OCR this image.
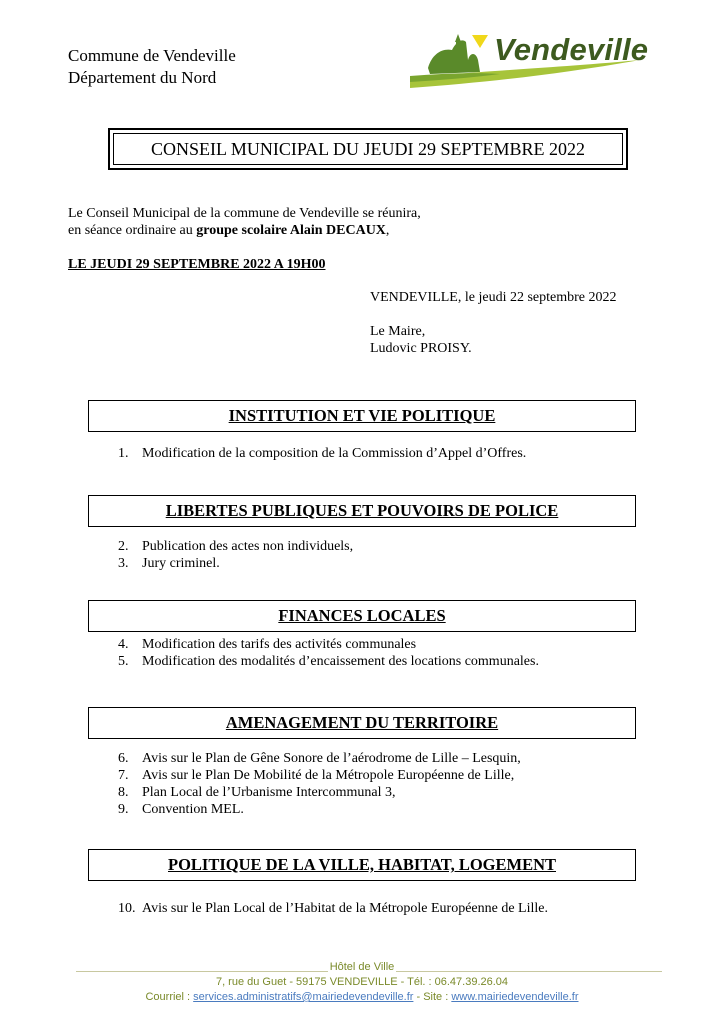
Commune de Vendeville
Département du Nord
Vendeville
CONSEIL MUNICIPAL DU JEUDI 29 SEPTEMBRE 2022
Le Conseil Municipal de la commune de Vendeville se réunira,
en séance ordinaire au groupe scolaire Alain DECAUX,
LE JEUDI 29 SEPTEMBRE 2022 A 19H00
VENDEVILLE, le jeudi 22 septembre 2022
Le Maire,
Ludovic PROISY.
INSTITUTION ET VIE POLITIQUE
1. Modification de la composition de la Commission d’Appel d’Offres.
LIBERTES PUBLIQUES ET POUVOIRS DE POLICE
2. Publication des actes non individuels,
3. Jury criminel.
FINANCES LOCALES
4. Modification des tarifs des activités communales
5. Modification des modalités d’encaissement des locations communales.
AMENAGEMENT DU TERRITOIRE
6. Avis sur le Plan de Gêne Sonore de l’aérodrome de Lille – Lesquin,
7. Avis sur le Plan De Mobilité de la Métropole Européenne de Lille,
8. Plan Local de l’Urbanisme Intercommunal 3,
9. Convention MEL.
POLITIQUE DE LA VILLE, HABITAT, LOGEMENT
10. Avis sur le Plan Local de l’Habitat de la Métropole Européenne de Lille.
Hôtel de Ville
7, rue du Guet - 59175 VENDEVILLE - Tél. : 06.47.39.26.04
Courriel : services.administratifs@mairiedevendeville.fr - Site : www.mairiedevendeville.fr
